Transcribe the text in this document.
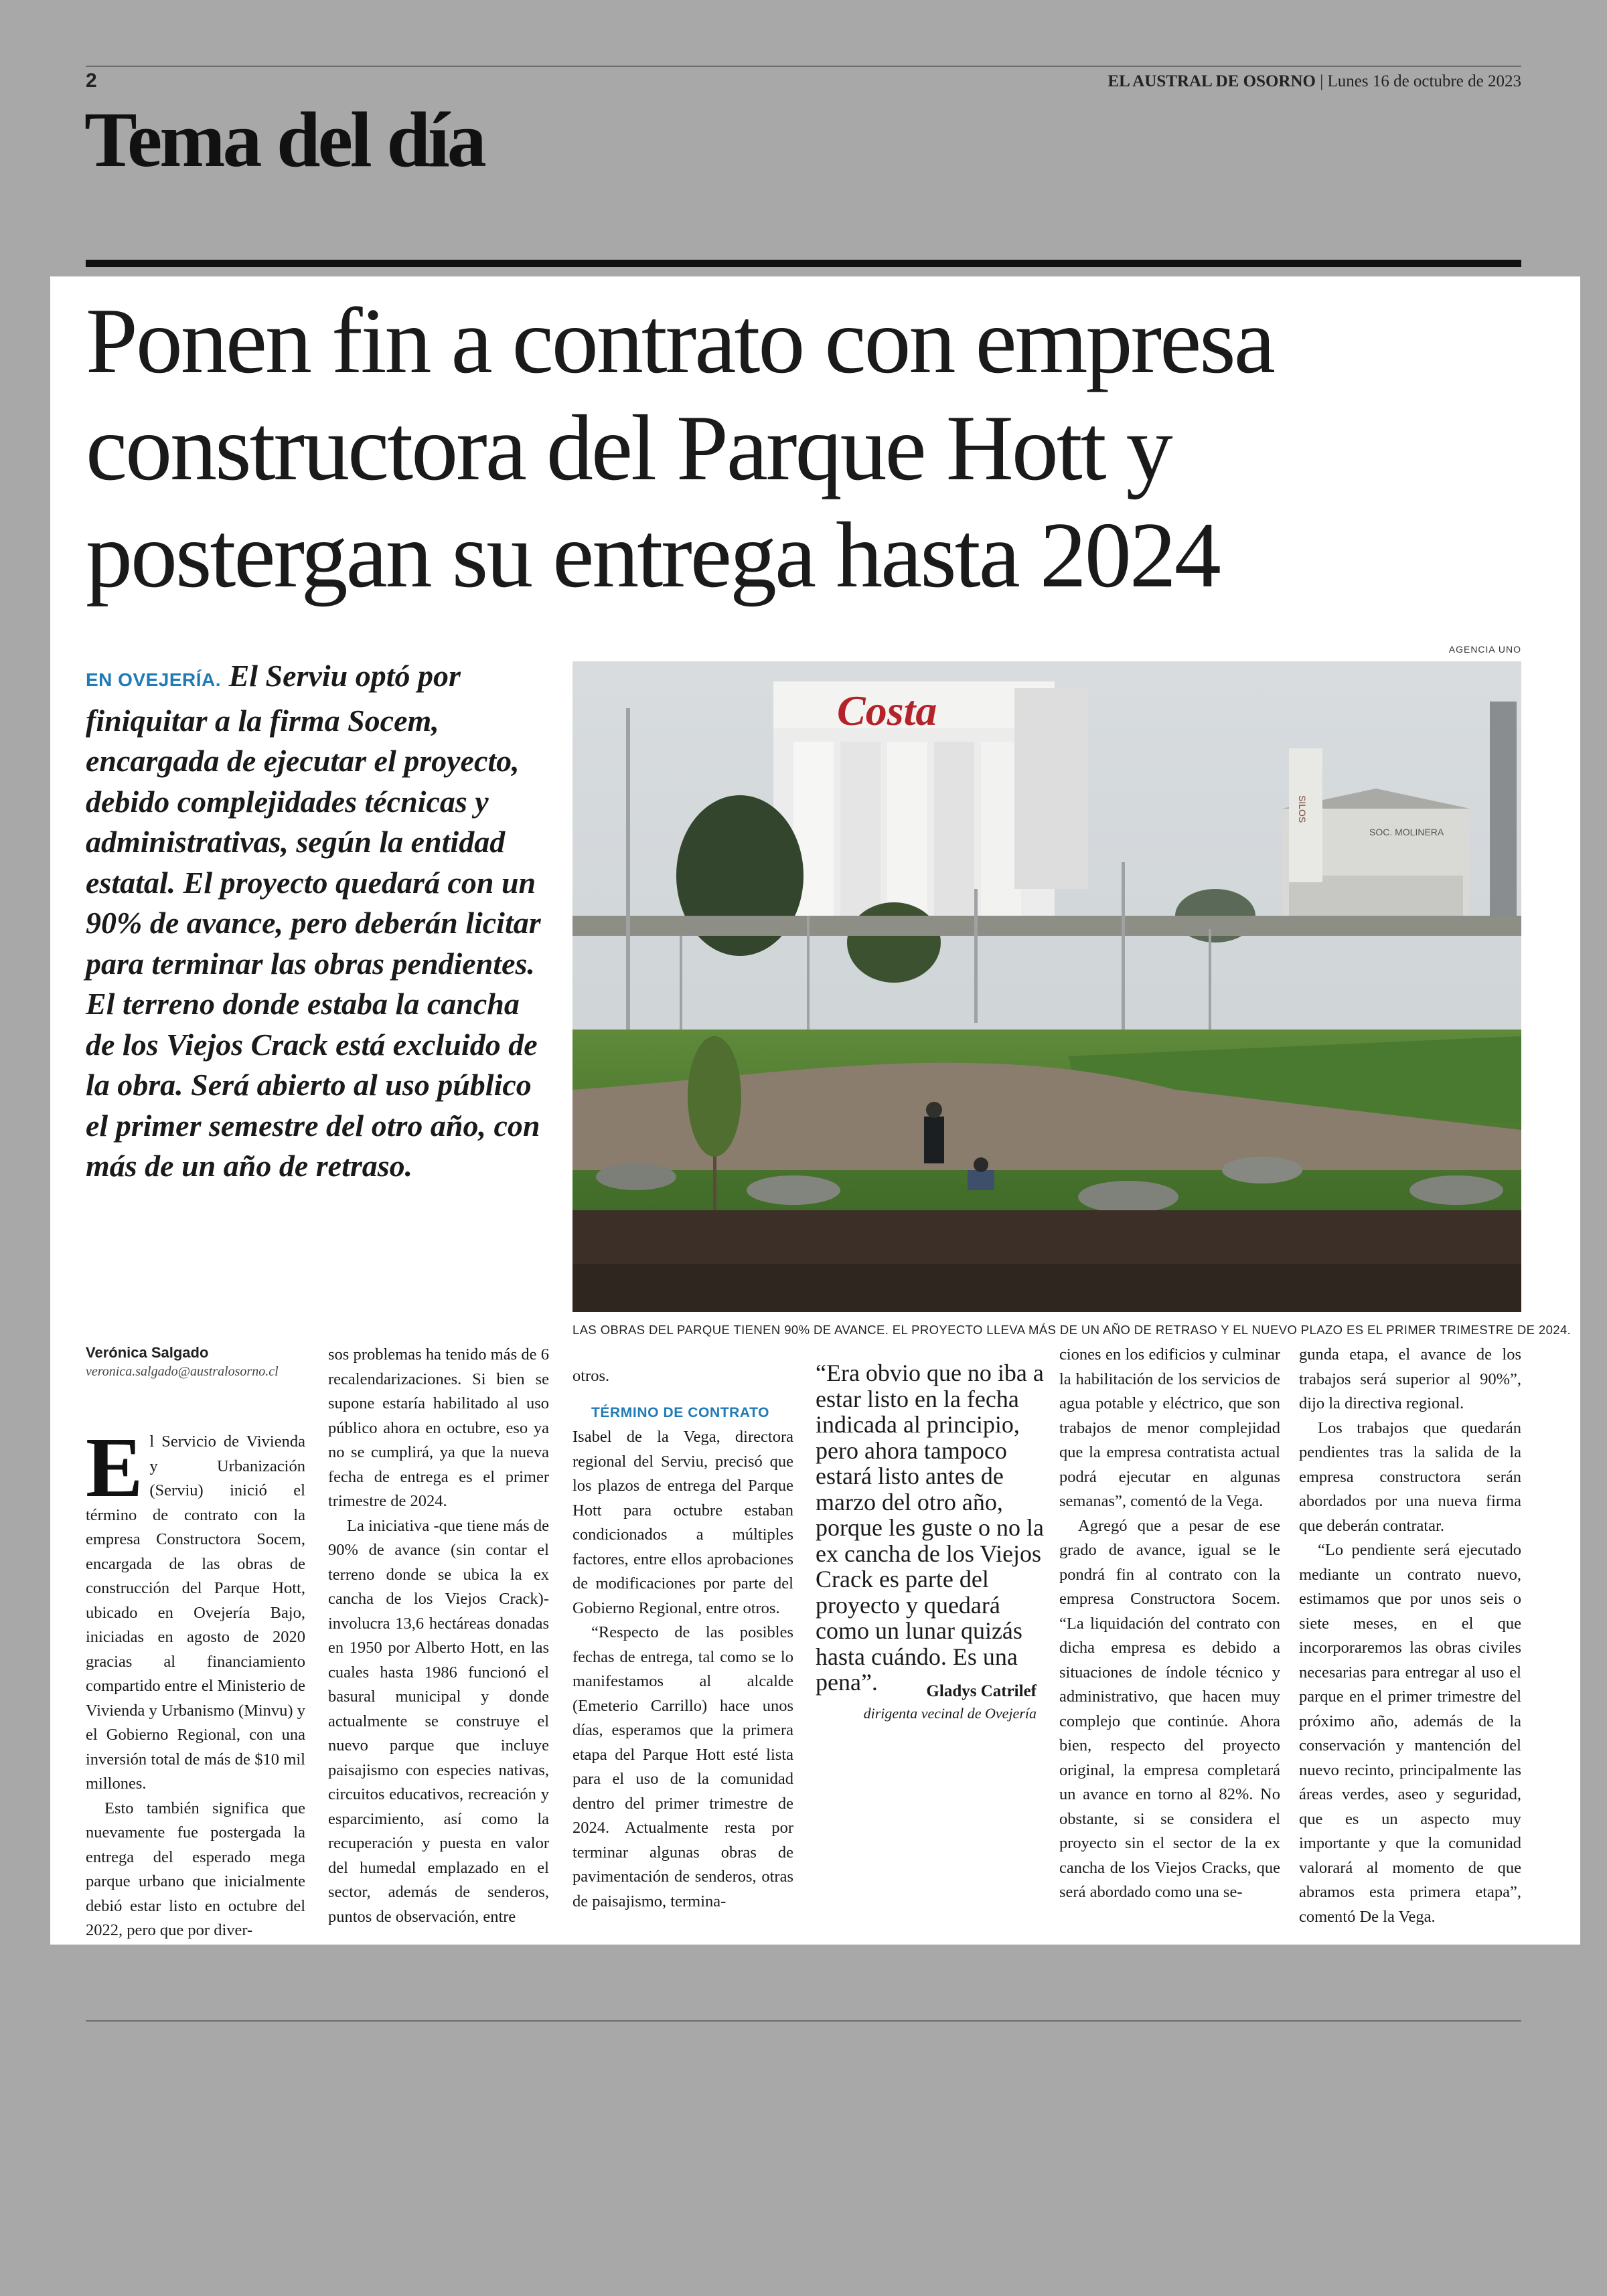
2	EL AUSTRAL DE OSORNO | Lunes 16 de octubre de 2023
Tema del día
Ponen fin a contrato con empresa
constructora del Parque Hott y
postergan su entrega hasta 2024
AGENCIA UNO
EN OVEJERÍA. El Serviu optó por finiquitar a la firma Socem, encargada de ejecutar el proyecto, debido complejidades técnicas y administrativas, según la entidad estatal. El proyecto quedará con un 90% de avance, pero deberán licitar para terminar las obras pendientes. El terreno donde estaba la cancha de los Viejos Crack está excluido de la obra. Será abierto al uso público el primer semestre del otro año, con más de un año de retraso.
Costa
SILOS
SOC. MOLINERA
LAS OBRAS DEL PARQUE TIENEN 90% DE AVANCE. EL PROYECTO LLEVA MÁS DE UN AÑO DE RETRASO Y EL NUEVO PLAZO ES EL PRIMER TRIMESTRE DE 2024.
Verónica Salgado
veronica.salgado@australosorno.cl

El Servicio de Vivienda y Urbanización (Serviu) inició el término de contrato con la empresa Constructora Socem, encargada de las obras de construcción del Parque Hott, ubicado en Ovejería Bajo, iniciadas en agosto de 2020 gracias al financiamiento compartido entre el Ministerio de Vivienda y Urbanismo (Minvu) y el Gobierno Regional, con una inversión total de más de $10 mil millones.

Esto también significa que nuevamente fue postergada la entrega del esperado mega parque urbano que inicialmente debió estar listo en octubre del 2022, pero que por diver-

sos problemas ha tenido más de 6 recalendarizaciones. Si bien se supone estaría habilitado al uso público ahora en octubre, eso ya no se cumplirá, ya que la nueva fecha de entrega es el primer trimestre de 2024.

La iniciativa -que tiene más de 90% de avance (sin contar el terreno donde se ubica la ex cancha de los Viejos Crack)- involucra 13,6 hectáreas donadas en 1950 por Alberto Hott, en las cuales hasta 1986 funcionó el basural municipal y donde actualmente se construye el nuevo parque que incluye paisajismo con especies nativas, circuitos educativos, recreación y esparcimiento, así como la recuperación y puesta en valor del humedal emplazado en el sector, además de senderos, puntos de observación, entre

otros.

TÉRMINO DE CONTRATO

Isabel de la Vega, directora regional del Serviu, precisó que los plazos de entrega del Parque Hott para octubre estaban condicionados a múltiples factores, entre ellos aprobaciones de modificaciones por parte del Gobierno Regional, entre otros.

“Respecto de las posibles fechas de entrega, tal como se lo manifestamos al alcalde (Emeterio Carrillo) hace unos días, esperamos que la primera etapa del Parque Hott esté lista para el uso de la comunidad dentro del primer trimestre de 2024. Actualmente resta por terminar algunas obras de pavimentación de senderos, otras de paisajismo, termina-

“Era obvio que no iba a estar listo en la fecha indicada al principio, pero ahora tampoco estará listo antes de marzo del otro año, porque les guste o no la ex cancha de los Viejos Crack es parte del proyecto y quedará como un lunar quizás hasta cuándo. Es una pena”.	Gladys Catrilef
dirigenta vecinal de Ovejería

ciones en los edificios y culminar la habilitación de los servicios de agua potable y eléctrico, que son trabajos de menor complejidad que la empresa contratista actual podrá ejecutar en algunas semanas”, comentó de la Vega.

Agregó que a pesar de ese grado de avance, igual se le pondrá fin al contrato con la empresa Constructora Socem. “La liquidación del contrato con dicha empresa es debido a situaciones de índole técnico y administrativo, que hacen muy complejo que continúe. Ahora bien, respecto del proyecto original, la empresa completará un avance en torno al 82%. No obstante, si se considera el proyecto sin el sector de la ex cancha de los Viejos Cracks, que será abordado como una se-

gunda etapa, el avance de los trabajos será superior al 90%”, dijo la directiva regional.

Los trabajos que quedarán pendientes tras la salida de la empresa constructora serán abordados por una nueva firma que deberán contratar.

“Lo pendiente será ejecutado mediante un contrato nuevo, estimamos que por unos seis o siete meses, en el que incorporaremos las obras civiles necesarias para entregar al uso el parque en el primer trimestre del próximo año, además de la conservación y mantención del nuevo recinto, principalmente las áreas verdes, aseo y seguridad, que es un aspecto muy importante y que la comunidad valorará al momento de que abramos esta primera etapa”, comentó De la Vega.
